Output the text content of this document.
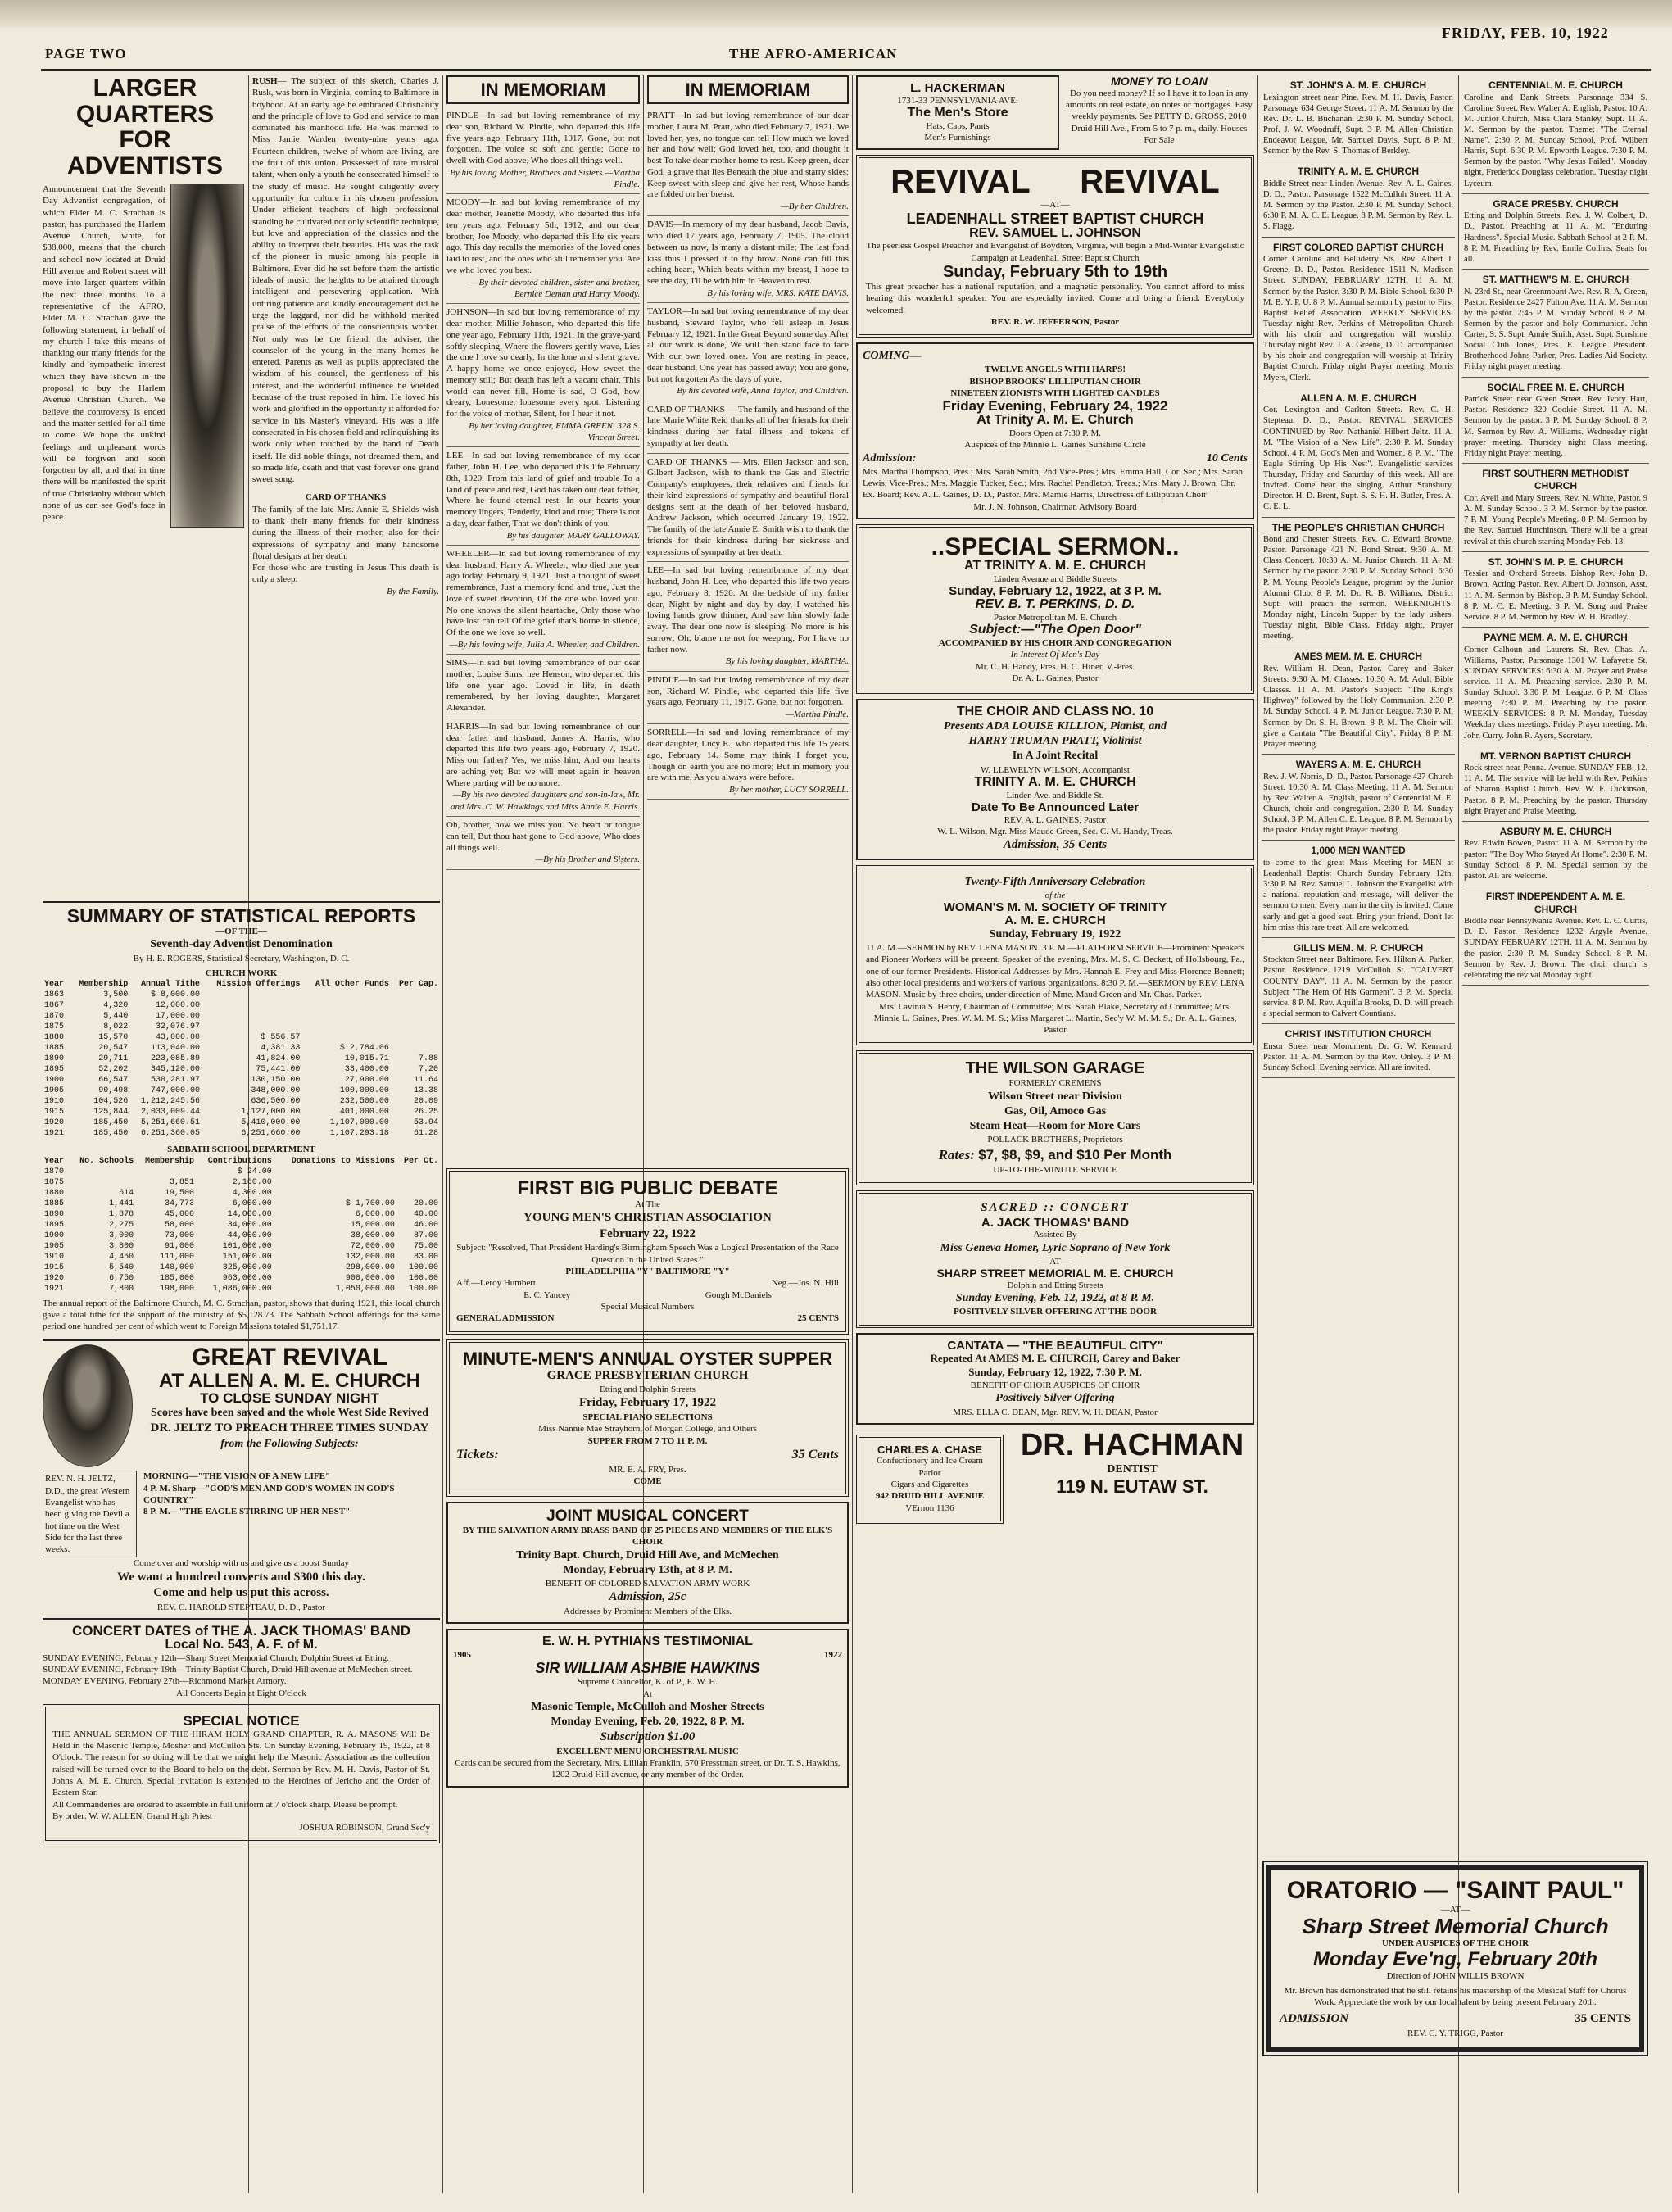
PAGE TWO	THE AFRO-AMERICAN
FRIDAY, FEB. 10, 1922
LARGER QUARTERS
FOR ADVENTISTS
Announcement that the Seventh Day Adventist congregation, of which Elder M. C. Strachan is pastor, has purchased the Harlem Avenue Church, white, for $38,000, means that the church and school now located at Druid Hill avenue and Robert street will move into larger quarters within the next three months. To a representative of the AFRO, Elder M. C. Strachan gave the following statement, in behalf of my church I take this means of thanking our many friends for the kindly and sympathetic interest which they have shown in the proposal to buy the Harlem Avenue Christian Church. We believe the controversy is ended and the matter settled for all time to come. We hope the unkind feelings and unpleasant words will be forgiven and soon forgotten by all, and that in time there will be manifested the spirit of true Christianity without which none of us can see God's face in peace.
RUSH— The subject of this sketch, Charles J. Rusk, was born in Virginia, coming to Baltimore in boyhood. At an early age he embraced Christianity and the principle of love to God and service to man dominated his manhood life. He was married to Miss Jamie Warden twenty-nine years ago. Fourteen children, twelve of whom are living, are the fruit of this union. Possessed of rare musical talent, when only a youth he consecrated himself to the study of music. He sought diligently every opportunity for culture in his chosen profession. Under efficient teachers of high professional standing he cultivated not only scientific technique, but love and appreciation of the classics and the ability to interpret their beauties. His was the task of the pioneer in music among his people in Baltimore. Ever did he set before them the artistic ideals of music, the heights to be attained through intelligent and persevering application. With untiring patience and kindly encouragement did he urge the laggard, nor did he withhold merited praise of the efforts of the conscientious worker. Not only was he the friend, the adviser, the counselor of the young in the many homes he entered. Parents as well as pupils appreciated the wisdom of his counsel, the gentleness of his interest, and the wonderful influence he wielded because of the trust reposed in him. He loved his work and glorified in the opportunity it afforded for service in his Master's vineyard. His was a life consecrated in his chosen field and relinquishing its work only when touched by the hand of Death itself. He did noble things, not dreamed them, and so made life, death and that vast forever one grand sweet song.
CARD OF THANKS

The family of the late Mrs. Annie E. Shields wish to thank their many friends for their kindness during the illness of their mother, also for their expressions of sympathy and many handsome floral designs at her death.

For those who are trusting in Jesus This death is only a sleep.

By the Family.
SUMMARY OF STATISTICAL REPORTS
—OF THE—
Seventh-day Adventist Denomination
By H. E. ROGERS, Statistical Secretary, Washington, D. C.
CHURCH WORK
Year	Membership	Annual Tithe	Mission Offerings	All Other Funds	Per Cap.
1863	3,500	$ 8,000.00			
1867	4,320	12,000.00			
1870	5,440	17,000.00			
1875	8,022	32,076.97			
1880	15,570	43,000.00	$ 556.57		
1885	20,547	113,040.00	4,381.33	$ 2,784.06	
1890	29,711	223,085.89	41,824.00	10,015.71	7.88
1895	52,202	345,120.00	75,441.00	33,400.00	7.20
1900	66,547	530,281.97	130,150.00	27,900.00	11.64
1905	90,498	747,000.00	348,000.00	100,000.00	13.38
1910	104,526	1,212,245.56	636,500.00	232,500.00	20.09
1915	125,844	2,033,009.44	1,127,000.00	401,000.00	26.25
1920	185,450	5,251,660.51	5,410,000.00	1,107,000.00	53.94
1921	185,450	6,251,360.05	6,251,660.00	1,107,293.18	61.28
SABBATH SCHOOL DEPARTMENT
Year	No. Schools	Membership	Contributions	Donations to Missions	Per Ct.
1870			$ 24.00		
1875		3,851	2,160.00		
1880	614	19,500	4,300.00		
1885	1,441	34,773	6,000.00	$ 1,700.00	20.00
1890	1,878	45,000	14,000.00	6,000.00	40.00
1895	2,275	58,000	34,000.00	15,000.00	46.00
1900	3,000	73,000	44,000.00	38,000.00	87.00
1905	3,800	91,000	101,000.00	72,000.00	75.00
1910	4,450	111,000	151,000.00	132,000.00	83.00
1915	5,540	140,000	325,000.00	298,000.00	100.00
1920	6,750	185,000	963,000.00	908,000.00	100.00
1921	7,800	198,000	1,086,000.00	1,050,000.00	100.00

The annual report of the Baltimore Church, M. C. Strachan, pastor, shows that during 1921, this local church gave a total tithe for the support of the ministry of $5,128.73. The Sabbath School offerings for the same period one hundred per cent of which went to Foreign Missions totaled $1,751.17.

GREAT REVIVAL
AT ALLEN A. M. E. CHURCH
TO CLOSE SUNDAY NIGHT
Scores have been saved and the whole West Side Revived
DR. JELTZ TO PREACH THREE TIMES SUNDAY
from the Following Subjects:
REV. N. H. JELTZ, D.D., the great Western Evangelist who has been giving the Devil a hot time on the West Side for the last three weeks.
MORNING—"THE VISION OF A NEW LIFE"
4 P. M. Sharp—"GOD'S MEN AND GOD'S WOMEN IN GOD'S COUNTRY"
8 P. M.—"THE EAGLE STIRRING UP HER NEST"
Come over and worship with us and give us a boost Sunday
We want a hundred converts and $300 this day.
Come and help us put this across.
REV. C. HAROLD STEPTEAU, D. D., Pastor
CONCERT DATES of THE A. JACK THOMAS' BAND
Local No. 543, A. F. of M.
SUNDAY EVENING, February 12th—Sharp Street Memorial Church, Dolphin Street at Etting.
SUNDAY EVENING, February 19th—Trinity Baptist Church, Druid Hill avenue at McMechen street.
MONDAY EVENING, February 27th—Richmond Market Armory.
All Concerts Begin at Eight O'clock
SPECIAL NOTICE

THE ANNUAL SERMON OF THE HIRAM HOLY GRAND CHAPTER, R. A. MASONS Will Be Held in the Masonic Temple, Mosher and McCulloh Sts. On Sunday Evening, February 19, 1922, at 8 O'clock. The reason for so doing will be that we might help the Masonic Association as the collection raised will be turned over to the Board to help on the debt. Sermon by Rev. M. H. Davis, Pastor of St. Johns A. M. E. Church. Special invitation is extended to the Heroines of Jericho and the Order of Eastern Star.

All Commanderies are ordered to assemble in full uniform at 7 o'clock sharp. Please be prompt.

By order: W. W. ALLEN, Grand High Priest
JOSHUA ROBINSON, Grand Sec'y
IN MEMORIAM

PINDLE—In sad but loving remembrance of my dear son, Richard W. Pindle, who departed this life five years ago, February 11th, 1917. Gone, but not forgotten. The voice so soft and gentle; Gone to dwell with God above, Who does all things well.

By his loving Mother, Brothers and Sisters.—Martha Pindle.

MOODY—In sad but loving remembrance of my dear mother, Jeanette Moody, who departed this life ten years ago, February 5th, 1912, and our dear brother, Joe Moody, who departed this life six years ago. This day recalls the memories of the loved ones laid to rest, and the ones who still remember you. Are we who loved you best.

—By their devoted children, sister and brother, Bernice Deman and Harry Moody.

JOHNSON—In sad but loving remembrance of my dear mother, Millie Johnson, who departed this life one year ago, February 11th, 1921. In the grave-yard softly sleeping, Where the flowers gently wave, Lies the one I love so dearly, In the lone and silent grave. A happy home we once enjoyed, How sweet the memory still; But death has left a vacant chair, This world can never fill. Home is sad, O God, how dreary, Lonesome, lonesome every spot; Listening for the voice of mother, Silent, for I hear it not.

By her loving daughter, EMMA GREEN, 328 S. Vincent Street.

LEE—In sad but loving remembrance of my dear father, John H. Lee, who departed this life February 8th, 1920. From this land of grief and trouble To a land of peace and rest, God has taken our dear father, Where he found eternal rest. In our hearts your memory lingers, Tenderly, kind and true; There is not a day, dear father, That we don't think of you.

By his daughter, MARY GALLOWAY.

WHEELER—In sad but loving remembrance of my dear husband, Harry A. Wheeler, who died one year ago today, February 9, 1921. Just a thought of sweet remembrance, Just a memory fond and true, Just the love of sweet devotion, Of the one who loved you. No one knows the silent heartache, Only those who have lost can tell Of the grief that's borne in silence, Of the one we love so well.

—By his loving wife, Julia A. Wheeler, and Children.

SIMS—In sad but loving remembrance of our dear mother, Louise Sims, nee Henson, who departed this life one year ago. Loved in life, in death remembered, by her loving daughter, Margaret Alexander.

HARRIS—In sad but loving remembrance of our dear father and husband, James A. Harris, who departed this life two years ago, February 7, 1920. Miss our father? Yes, we miss him, And our hearts are aching yet; But we will meet again in heaven Where parting will be no more.

—By his two devoted daughters and son-in-law, Mr. and Mrs. C. W. Hawkings and Miss Annie E. Harris.

Oh, brother, how we miss you. No heart or tongue can tell, But thou hast gone to God above, Who does all things well.

—By his Brother and Sisters.
IN MEMORIAM

PRATT—In sad but loving remembrance of our dear mother, Laura M. Pratt, who died February 7, 1921. We loved her, yes, no tongue can tell How much we loved her and how well; God loved her, too, and thought it best To take dear mother home to rest. Keep green, dear God, a grave that lies Beneath the blue and starry skies; Keep sweet with sleep and give her rest, Whose hands are folded on her breast.

—By her Children.

DAVIS—In memory of my dear husband, Jacob Davis, who died 17 years ago, February 7, 1905. The cloud between us now, Is many a distant mile; The last fond kiss thus I pressed it to thy brow. None can fill this aching heart, Which beats within my breast, I hope to see the day, I'll be with him in Heaven to rest.

By his loving wife, MRS. KATE DAVIS.

TAYLOR—In sad but loving remembrance of my dear husband, Steward Taylor, who fell asleep in Jesus February 12, 1921. In the Great Beyond some day After all our work is done, We will then stand face to face With our own loved ones. You are resting in peace, dear husband, One year has passed away; You are gone, but not forgotten As the days of yore.

By his devoted wife, Anna Taylor, and Children.

CARD OF THANKS — The family and husband of the late Marie White Reid thanks all of her friends for their kindness during her fatal illness and tokens of sympathy at her death.

CARD OF THANKS — Mrs. Ellen Jackson and son, Gilbert Jackson, wish to thank the Gas and Electric Company's employees, their relatives and friends for their kind expressions of sympathy and beautiful floral designs sent at the death of her beloved husband, Andrew Jackson, which occurred January 19, 1922. The family of the late Annie E. Smith wish to thank the friends for their kindness during her sickness and expressions of sympathy at her death.

LEE—In sad but loving remembrance of my dear husband, John H. Lee, who departed this life two years ago, February 8, 1920. At the bedside of my father dear, Night by night and day by day, I watched his loving hands grow thinner, And saw him slowly fade away. The dear one now is sleeping, No more is his sorrow; Oh, blame me not for weeping, For I have no father now.

By his loving daughter, MARTHA.

PINDLE—In sad but loving remembrance of my dear son, Richard W. Pindle, who departed this life five years ago, February 11, 1917. Gone, but not forgotten.

—Martha Pindle.

SORRELL—In sad and loving remembrance of my dear daughter, Lucy E., who departed this life 15 years ago, February 14. Some may think I forget you, Though on earth you are no more; But in memory you are with me, As you always were before.

By her mother, LUCY SORRELL.
FIRST BIG PUBLIC DEBATE
At The
YOUNG MEN'S CHRISTIAN ASSOCIATION
February 22, 1922
Subject: "Resolved, That President Harding's Birmingham Speech Was a Logical Presentation of the Race Question in the United States."
PHILADELPHIA "Y" BALTIMORE "Y"
Aff.—Leroy Humbert	Neg.—Jos. N. Hill
E. C. Yancey	Gough McDaniels
Special Musical Numbers
GENERAL ADMISSION	25 CENTS
MINUTE-MEN'S ANNUAL OYSTER SUPPER
GRACE PRESBYTERIAN CHURCH
Etting and Dolphin Streets
Friday, February 17, 1922
SPECIAL PIANO SELECTIONS
Miss Nannie Mae Strayhorn, of Morgan College, and Others
SUPPER FROM 7 TO 11 P. M.
Tickets:	35 Cents
MR. E. A. FRY, Pres.
COME
JOINT MUSICAL CONCERT
BY THE SALVATION ARMY BRASS BAND OF 25 PIECES AND MEMBERS OF THE ELK'S CHOIR
Trinity Bapt. Church, Druid Hill Ave, and McMechen
Monday, February 13th, at 8 P. M.
BENEFIT OF COLORED SALVATION ARMY WORK
Admission, 25c
Addresses by Prominent Members of the Elks.
E. W. H. PYTHIANS TESTIMONIAL
1905	1922
SIR WILLIAM ASHBIE HAWKINS
Supreme Chancellor, K. of P., E. W. H.
At
Masonic Temple, McCulloh and Mosher Streets
Monday Evening, Feb. 20, 1922, 8 P. M.
Subscription $1.00
EXCELLENT MENU ORCHESTRAL MUSIC
Cards can be secured from the Secretary, Mrs. Lillian Franklin, 570 Presstman street, or Dr. T. S. Hawkins, 1202 Druid Hill avenue, or any member of the Order.
L. HACKERMAN
1731-33 PENNSYLVANIA AVE.
The Men's Store
Hats, Caps, Pants
Men's Furnishings
MONEY TO LOAN
Do you need money? If so I have it to loan in any amounts on real estate, on notes or mortgages. Easy weekly payments. See PETTY B. GROSS, 2010 Druid Hill Ave., From 5 to 7 p. m., daily. Houses For Sale
REVIVAL REVIVAL
—AT—
LEADENHALL STREET BAPTIST CHURCH
REV. SAMUEL L. JOHNSON

The peerless Gospel Preacher and Evangelist of Boydton, Virginia, will begin a Mid-Winter Evangelistic Campaign at Leadenhall Street Baptist Church

Sunday, February 5th to 19th

This great preacher has a national reputation, and a magnetic personality. You cannot afford to miss hearing this wonderful speaker. You are especially invited. Come and bring a friend. Everybody welcomed.

REV. R. W. JEFFERSON, Pastor
COMING—
TWELVE ANGELS WITH HARPS!
BISHOP BROOKS' LILLIPUTIAN CHOIR
NINETEEN ZIONISTS WITH LIGHTED CANDLES
Friday Evening, February 24, 1922
At Trinity A. M. E. Church
Doors Open at 7:30 P. M.
Auspices of the Minnie L. Gaines Sunshine Circle
Admission:	10 Cents

Mrs. Martha Thompson, Pres.; Mrs. Sarah Smith, 2nd Vice-Pres.; Mrs. Emma Hall, Cor. Sec.; Mrs. Sarah Lewis, Vice-Pres.; Mrs. Maggie Tucker, Sec.; Mrs. Rachel Pendleton, Treas.; Mrs. Mary J. Brown, Chr. Ex. Board; Rev. A. L. Gaines, D. D., Pastor. Mrs. Mamie Harris, Directress of Lilliputian Choir

Mr. J. N. Johnson, Chairman Advisory Board
..SPECIAL SERMON..
AT TRINITY A. M. E. CHURCH
Linden Avenue and Biddle Streets
Sunday, February 12, 1922, at 3 P. M.
REV. B. T. PERKINS, D. D.
Pastor Metropolitan M. E. Church
Subject:—"The Open Door"
ACCOMPANIED BY HIS CHOIR AND CONGREGATION
In Interest Of Men's Day
Mr. C. H. Handy, Pres. H. C. Hiner, V.-Pres.
Dr. A. L. Gaines, Pastor
THE CHOIR AND CLASS NO. 10
Presents ADA LOUISE KILLION, Pianist, and
HARRY TRUMAN PRATT, Violinist
In A Joint Recital
W. LLEWELYN WILSON, Accompanist
TRINITY A. M. E. CHURCH
Linden Ave. and Biddle St.
Date To Be Announced Later
REV. A. L. GAINES, Pastor
W. L. Wilson, Mgr. Miss Maude Green, Sec. C. M. Handy, Treas.
Admission, 35 Cents
Twenty-Fifth Anniversary Celebration
of the
WOMAN'S M. M. SOCIETY OF TRINITY
A. M. E. CHURCH
Sunday, February 19, 1922

11 A. M.—SERMON by REV. LENA MASON. 3 P. M.—PLATFORM SERVICE—Prominent Speakers and Pioneer Workers will be present. Speaker of the evening, Mrs. M. S. C. Beckett, of Hollsbourg, Pa., one of our former Presidents. Historical Addresses by Mrs. Hannah E. Frey and Miss Florence Bennett; also other local presidents and workers of various organizations. 8:30 P. M.—SERMON by REV. LENA MASON. Music by three choirs, under direction of Mme. Maud Green and Mr. Chas. Parker.

Mrs. Lavinia S. Henry, Chairman of Committee; Mrs. Sarah Blake, Secretary of Committee; Mrs. Minnie L. Gaines, Pres. W. M. M. S.; Miss Margaret L. Martin, Sec'y W. M. M. S.; Dr. A. L. Gaines, Pastor

THE WILSON GARAGE
FORMERLY CREMENS
Wilson Street near Division
Gas, Oil, Amoco Gas
Steam Heat—Room for More Cars
POLLACK BROTHERS, Proprietors
Rates: $7, $8, $9, and $10 Per Month
UP-TO-THE-MINUTE SERVICE
SACRED :: CONCERT
A. JACK THOMAS' BAND
Assisted By
Miss Geneva Homer, Lyric Soprano of New York
—AT—
SHARP STREET MEMORIAL M. E. CHURCH
Dolphin and Etting Streets
Sunday Evening, Feb. 12, 1922, at 8 P. M.
POSITIVELY SILVER OFFERING AT THE DOOR
CANTATA — "THE BEAUTIFUL CITY"
Repeated At AMES M. E. CHURCH, Carey and Baker
Sunday, February 12, 1922, 7:30 P. M.
BENEFIT OF CHOIR AUSPICES OF CHOIR
Positively Silver Offering
MRS. ELLA C. DEAN, Mgr. REV. W. H. DEAN, Pastor
CHARLES A. CHASE
Confectionery and Ice Cream Parlor
Cigars and Cigarettes
942 DRUID HILL AVENUE
VErnon 1136
DR. HACHMAN
DENTIST
119 N. EUTAW ST.
ST. JOHN'S A. M. E. CHURCH

Lexington street near Pine. Rev. M. H. Davis, Pastor. Parsonage 634 George Street. 11 A. M. Sermon by the Rev. Dr. L. B. Buchanan. 2:30 P. M. Sunday School, Prof. J. W. Woodruff, Supt. 3 P. M. Allen Christian Endeavor League, Mr. Samuel Davis, Supt. 8 P. M. Sermon by the Rev. S. Thomas of Berkley.

TRINITY A. M. E. CHURCH

Biddle Street near Linden Avenue. Rev. A. L. Gaines, D. D., Pastor. Parsonage 1522 McCulloh Street. 11 A. M. Sermon by the Pastor. 2:30 P. M. Sunday School. 6:30 P. M. A. C. E. League. 8 P. M. Sermon by Rev. L. S. Flagg.

FIRST COLORED BAPTIST CHURCH

Corner Caroline and Belliderry Sts. Rev. Albert J. Greene, D. D., Pastor. Residence 1511 N. Madison Street. SUNDAY, FEBRUARY 12TH. 11 A. M. Sermon by the Pastor. 3:30 P. M. Bible School. 6:30 P. M. B. Y. P. U. 8 P. M. Annual sermon by pastor to First Baptist Relief Association. WEEKLY SERVICES: Tuesday night Rev. Perkins of Metropolitan Church with his choir and congregation will worship. Thursday night Rev. J. A. Greene, D. D. accompanied by his choir and congregation will worship at Trinity Baptist Church. Friday night Prayer meeting. Morris Myers, Clerk.

ALLEN A. M. E. CHURCH

Cor. Lexington and Carlton Streets. Rev. C. H. Stepteau, D. D., Pastor. REVIVAL SERVICES CONTINUED by Rev. Nathaniel Hilbert Jeltz. 11 A. M. "The Vision of a New Life". 2:30 P. M. Sunday School. 4 P. M. God's Men and Women. 8 P. M. "The Eagle Stirring Up His Nest". Evangelistic services Thursday, Friday and Saturday of this week. All are invited. Come hear the singing. Arthur Stansbury, Director. H. D. Brent, Supt. S. S. H. H. Butler, Pres. A. C. E. L.

THE PEOPLE'S CHRISTIAN CHURCH

Bond and Chester Streets. Rev. C. Edward Browne, Pastor. Parsonage 421 N. Bond Street. 9:30 A. M. Class Concert. 10:30 A. M. Junior Church. 11 A. M. Sermon by the pastor. 2:30 P. M. Sunday School. 6:30 P. M. Young People's League, program by the Junior Alumni Club. 8 P. M. Dr. R. B. Williams, District Supt. will preach the sermon. WEEKNIGHTS: Monday night, Lincoln Supper by the lady ushers. Tuesday night, Bible Class. Friday night, Prayer meeting.

AMES MEM. M. E. CHURCH

Rev. William H. Dean, Pastor. Carey and Baker Streets. 9:30 A. M. Classes. 10:30 A. M. Adult Bible Classes. 11 A. M. Pastor's Subject: "The King's Highway" followed by the Holy Communion. 2:30 P. M. Sunday School. 4 P. M. Junior League. 7:30 P. M. Sermon by Dr. S. H. Brown. 8 P. M. The Choir will give a Cantata "The Beautiful City". Friday 8 P. M. Prayer meeting.

WAYERS A. M. E. CHURCH

Rev. J. W. Norris, D. D., Pastor. Parsonage 427 Church Street. 10:30 A. M. Class Meeting. 11 A. M. Sermon by Rev. Walter A. English, pastor of Centennial M. E. Church, choir and congregation. 2:30 P. M. Sunday School. 3 P. M. Allen C. E. League. 8 P. M. Sermon by the pastor. Friday night Prayer meeting.

1,000 MEN WANTED

to come to the great Mass Meeting for MEN at Leadenhall Baptist Church Sunday February 12th, 3:30 P. M. Rev. Samuel L. Johnson the Evangelist with a national reputation and message, will deliver the sermon to men. Every man in the city is invited. Come early and get a good seat. Bring your friend. Don't let him miss this rare treat. All are welcomed.

GILLIS MEM. M. P. CHURCH

Stockton Street near Baltimore. Rev. Hilton A. Parker, Pastor. Residence 1219 McCulloh St. "CALVERT COUNTY DAY". 11 A. M. Sermon by the pastor. Subject "The Hem Of His Garment". 3 P. M. Special service. 8 P. M. Rev. Aquilla Brooks, D. D. will preach a special sermon to Calvert Countians.

CHRIST INSTITUTION CHURCH

Ensor Street near Monument. Dr. G. W. Kennard, Pastor. 11 A. M. Sermon by the Rev. Onley. 3 P. M. Sunday School. Evening service. All are invited.

CENTENNIAL M. E. CHURCH

Caroline and Bank Streets. Parsonage 334 S. Caroline Street. Rev. Walter A. English, Pastor. 10 A. M. Junior Church, Miss Clara Stanley, Supt. 11 A. M. Sermon by the pastor. Theme: "The Eternal Name". 2:30 P. M. Sunday School, Prof. Wilbert Harris, Supt. 6:30 P. M. Epworth League. 7:30 P. M. Sermon by the pastor. "Why Jesus Failed". Monday night, Frederick Douglass celebration. Tuesday night Lyceum.

GRACE PRESBY. CHURCH

Etting and Dolphin Streets. Rev. J. W. Colbert, D. D., Pastor. Preaching at 11 A. M. "Enduring Hardness". Special Music. Sabbath School at 2 P. M. 8 P. M. Preaching by Rev. Emile Collins. Seats for all.

ST. MATTHEW'S M. E. CHURCH

N. 23rd St., near Greenmount Ave. Rev. R. A. Green, Pastor. Residence 2427 Fulton Ave. 11 A. M. Sermon by the pastor. 2:45 P. M. Sunday School. 8 P. M. Sermon by the pastor and holy Communion. John Carter, S. S. Supt. Annie Smith, Asst. Supt. Sunshine Social Club Jones, Pres. E. League President. Brotherhood Johns Parker, Pres. Ladies Aid Society. Friday night prayer meeting.

SOCIAL FREE M. E. CHURCH

Patrick Street near Green Street. Rev. Ivory Hart, Pastor. Residence 320 Cookie Street. 11 A. M. Sermon by the pastor. 3 P. M. Sunday School. 8 P. M. Sermon by Rev. A. Williams. Wednesday night prayer meeting. Thursday night Class meeting. Friday night Prayer meeting.

FIRST SOUTHERN METHODIST CHURCH

Cor. Aveil and Mary Streets. Rev. N. White, Pastor. 9 A. M. Sunday School. 3 P. M. Sermon by the pastor. 7 P. M. Young People's Meeting. 8 P. M. Sermon by the Rev. Samuel Hutchinson. There will be a great revival at this church starting Monday Feb. 13.

ST. JOHN'S M. P. E. CHURCH

Tessier and Orchard Streets. Bishop Rev. John D. Brown, Acting Pastor. Rev. Albert D. Johnson, Asst. 11 A. M. Sermon by Bishop. 3 P. M. Sunday School. 8 P. M. C. E. Meeting. 8 P. M. Song and Praise Service. 8 P. M. Sermon by Rev. W. H. Bradley.

PAYNE MEM. A. M. E. CHURCH

Corner Calhoun and Laurens St. Rev. Chas. A. Williams, Pastor. Parsonage 1301 W. Lafayette St. SUNDAY SERVICES: 6:30 A. M. Prayer and Praise service. 11 A. M. Preaching service. 2:30 P. M. Sunday School. 3:30 P. M. League. 6 P. M. Class meeting. 7:30 P. M. Preaching by the pastor. WEEKLY SERVICES: 8 P. M. Monday, Tuesday Weekday class meetings. Friday Prayer meeting. Mr. John Curry. John R. Ayers, Secretary.

MT. VERNON BAPTIST CHURCH

Rock street near Penna. Avenue. SUNDAY FEB. 12. 11 A. M. The service will be held with Rev. Perkins of Sharon Baptist Church. Rev. W. F. Dickinson, Pastor. 8 P. M. Preaching by the pastor. Thursday night Prayer and Praise Meeting.

ASBURY M. E. CHURCH

Rev. Edwin Bowen, Pastor. 11 A. M. Sermon by the pastor: "The Boy Who Stayed At Home". 2:30 P. M. Sunday School. 8 P. M. Special sermon by the pastor. All are welcome.

FIRST INDEPENDENT A. M. E. CHURCH

Biddle near Pennsylvania Avenue. Rev. L. C. Curtis, D. D. Pastor. Residence 1232 Argyle Avenue. SUNDAY FEBRUARY 12TH. 11 A. M. Sermon by the pastor. 2:30 P. M. Sunday School. 8 P. M. Sermon by Rev. J. Brown. The choir church is celebrating the revival Monday night.

ORATORIO — "SAINT PAUL"
—AT—
Sharp Street Memorial Church
UNDER AUSPICES OF THE CHOIR
Monday Eve'ng, February 20th
Direction of JOHN WILLIS BROWN

Mr. Brown has demonstrated that he still retains his mastership of the Musical Staff for Chorus Work. Appreciate the work by our local talent by being present February 20th.

ADMISSION	35 CENTS
REV. C. Y. TRIGG, Pastor
